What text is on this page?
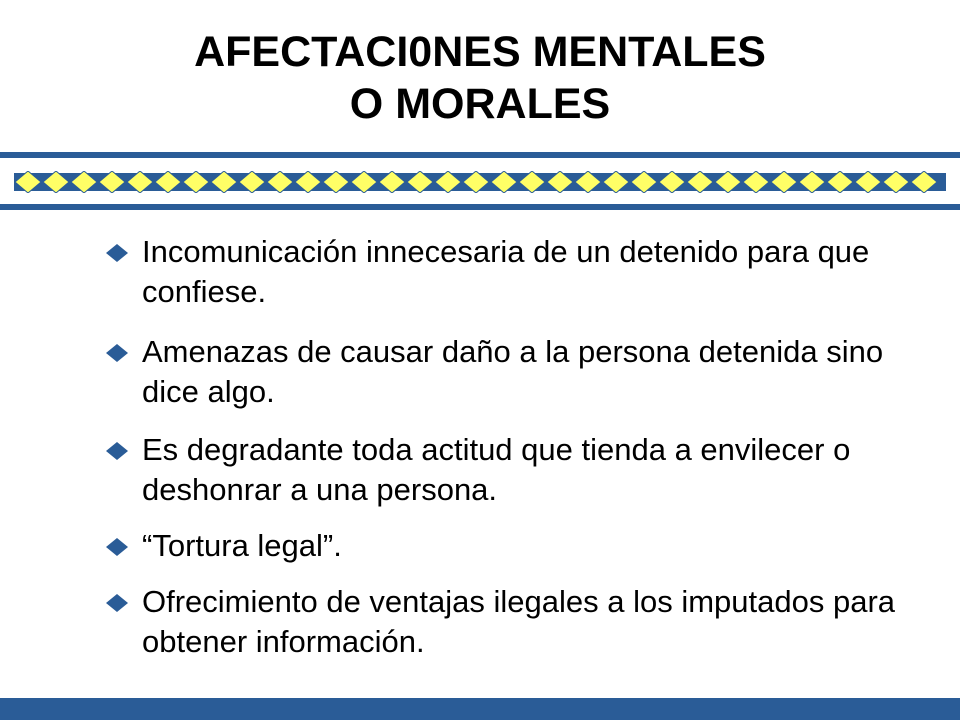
AFECTACI0NES MENTALES
O MORALES
Incomunicación innecesaria de un detenido para que confiese.
Amenazas de causar daño a la persona detenida sino dice algo.
Es degradante toda actitud que tienda a envilecer o deshonrar a una persona.
“Tortura legal”.
Ofrecimiento de ventajas ilegales a los imputados para obtener información.
